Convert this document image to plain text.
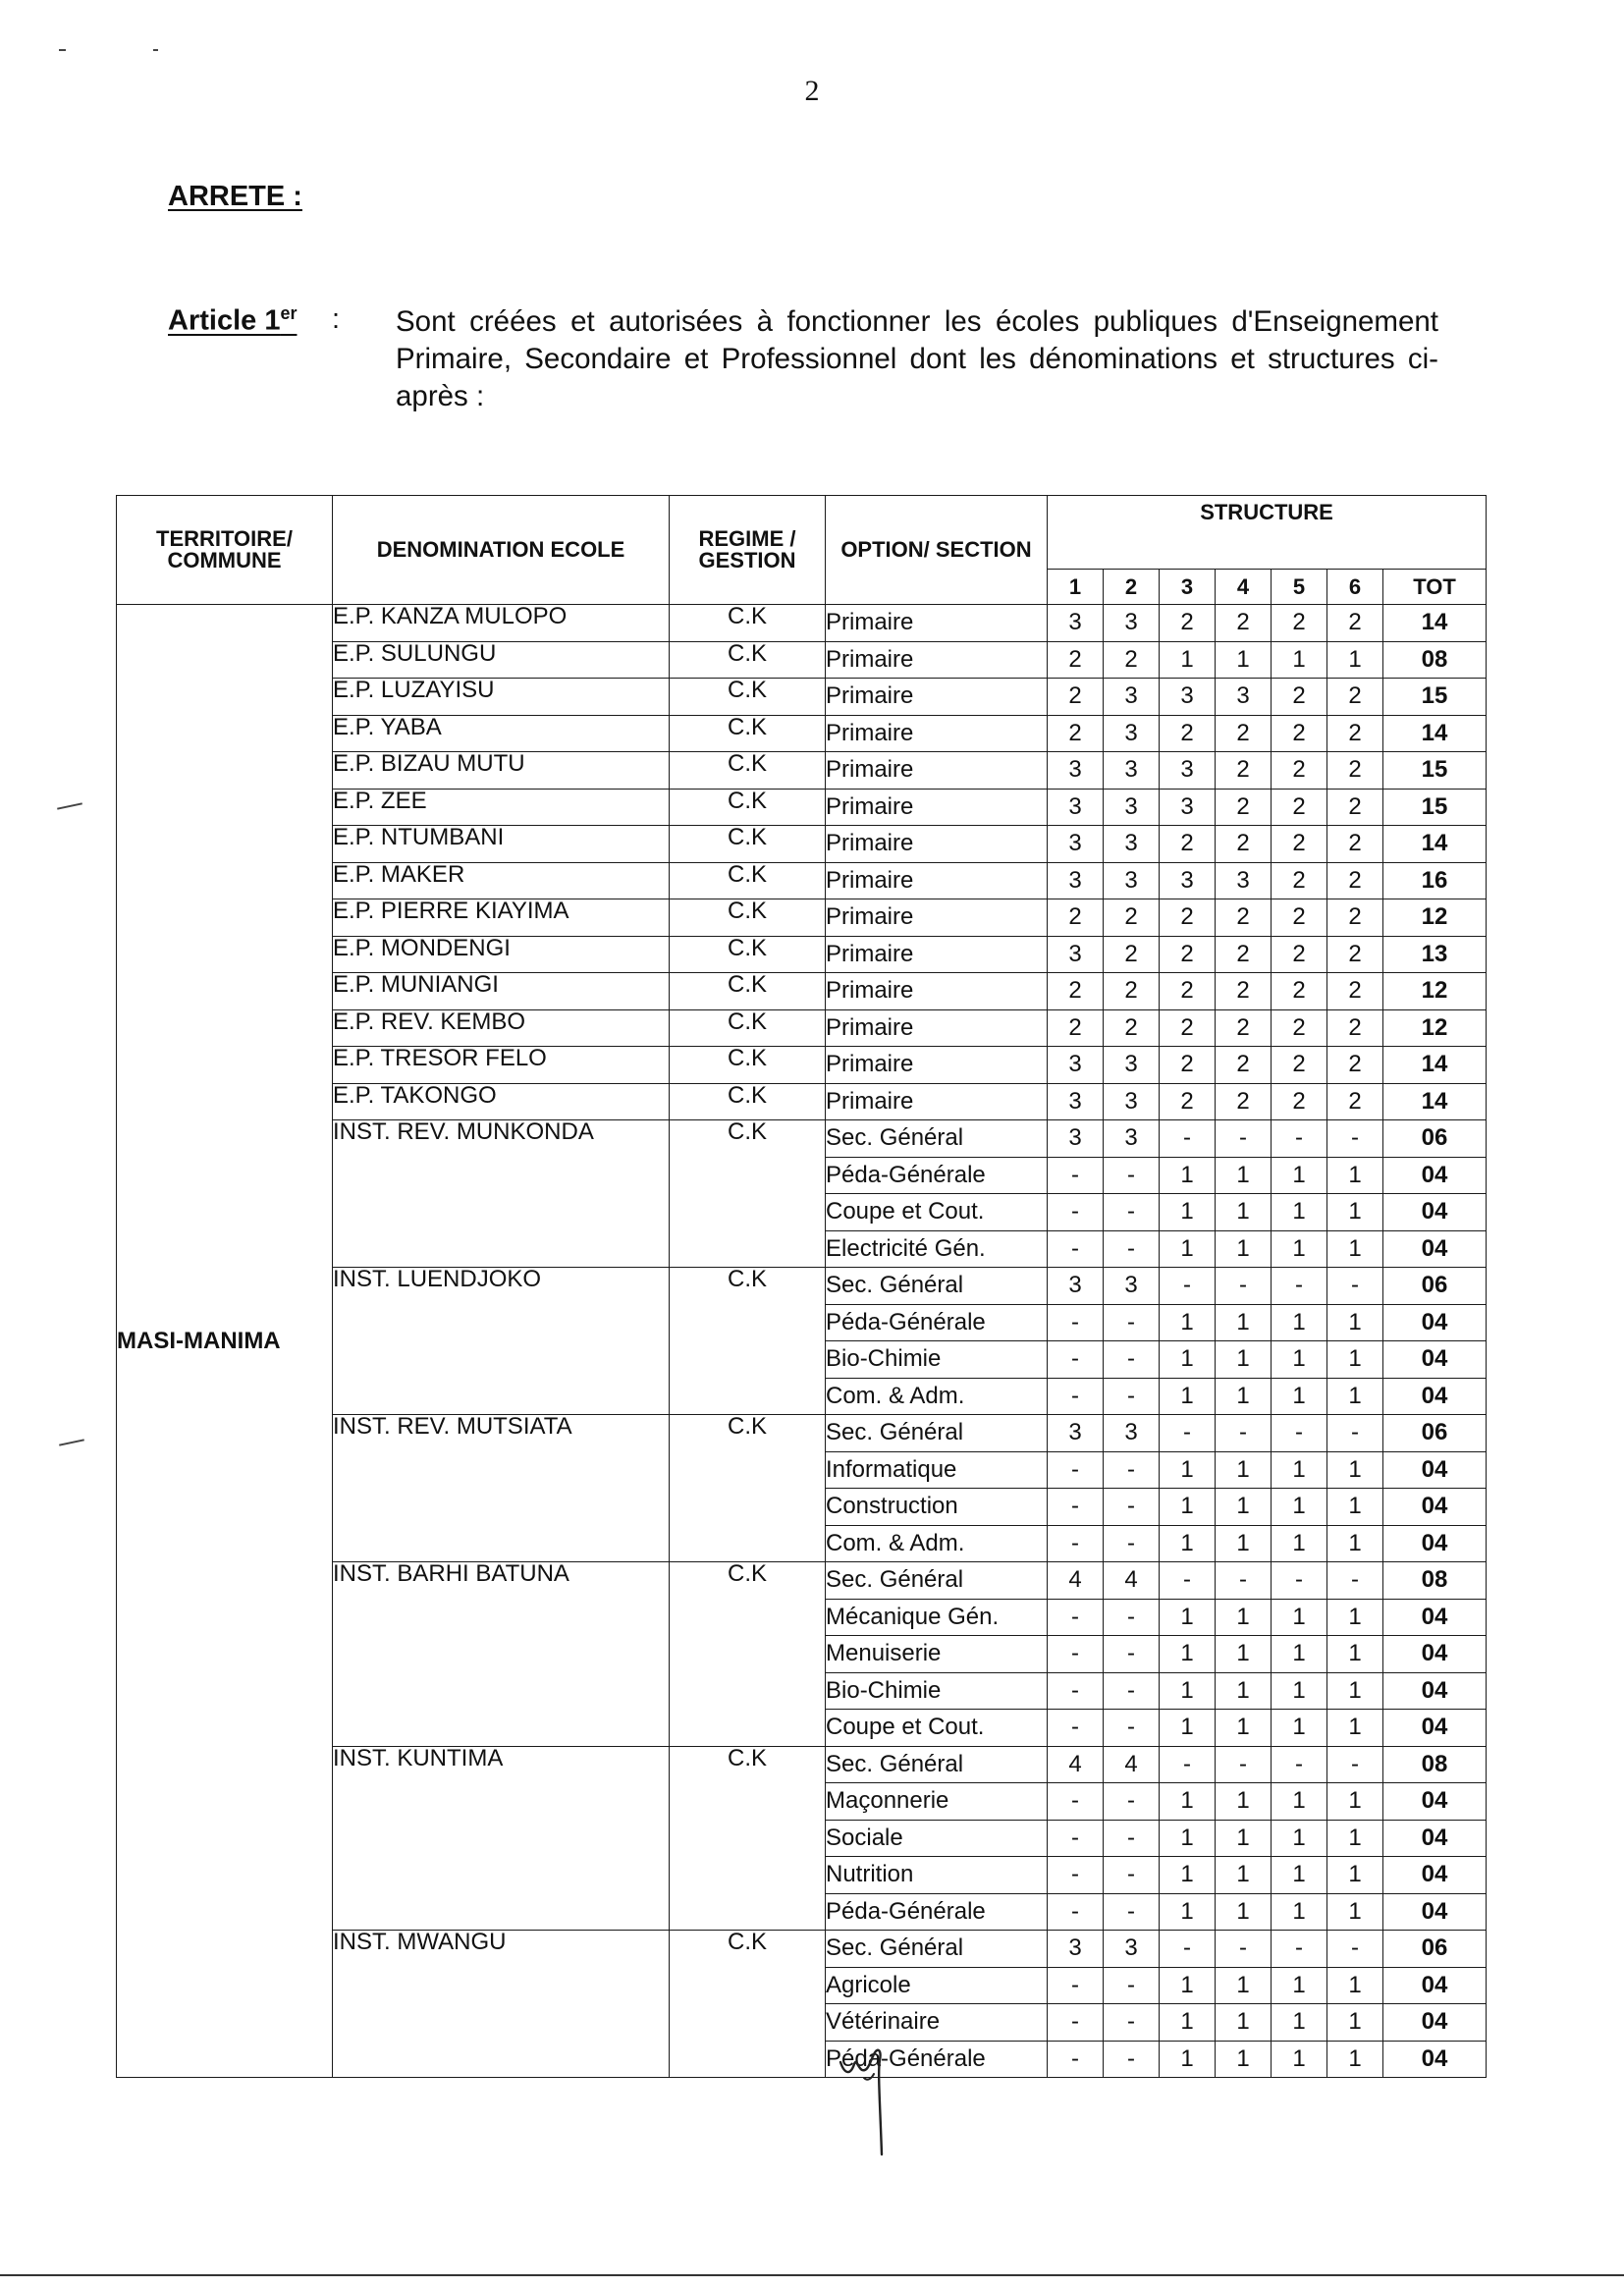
2
ARRETE :
Article 1er : Sont créées et autorisées à fonctionner les écoles publiques d'Enseignement Primaire, Secondaire et Professionnel dont les dénominations et structures ci-après :
TERRITOIRE/ COMMUNE	DENOMINATION ECOLE	REGIME / GESTION	OPTION/ SECTION	STRUCTURE						
				1	2	3	4	5	6	TOT
MASI-MANIMA	E.P. KANZA MULOPO	C.K	Primaire	3	3	2	2	2	2	14
	E.P. SULUNGU	C.K	Primaire	2	2	1	1	1	1	08
	E.P. LUZAYISU	C.K	Primaire	2	3	3	3	2	2	15
	E.P. YABA	C.K	Primaire	2	3	2	2	2	2	14
	E.P. BIZAU MUTU	C.K	Primaire	3	3	3	2	2	2	15
	E.P. ZEE	C.K	Primaire	3	3	3	2	2	2	15
	E.P. NTUMBANI	C.K	Primaire	3	3	2	2	2	2	14
	E.P. MAKER	C.K	Primaire	3	3	3	3	2	2	16
	E.P. PIERRE KIAYIMA	C.K	Primaire	2	2	2	2	2	2	12
	E.P. MONDENGI	C.K	Primaire	3	2	2	2	2	2	13
	E.P. MUNIANGI	C.K	Primaire	2	2	2	2	2	2	12
	E.P. REV. KEMBO	C.K	Primaire	2	2	2	2	2	2	12
	E.P. TRESOR FELO	C.K	Primaire	3	3	2	2	2	2	14
	E.P. TAKONGO	C.K	Primaire	3	3	2	2	2	2	14
	INST. REV. MUNKONDA	C.K	Sec. Général	3	3	-	-	-	-	06
			Péda-Générale	-	-	1	1	1	1	04
			Coupe et Cout.	-	-	1	1	1	1	04
			Electricité Gén.	-	-	1	1	1	1	04
	INST. LUENDJOKO	C.K	Sec. Général	3	3	-	-	-	-	06
			Péda-Générale	-	-	1	1	1	1	04
			Bio-Chimie	-	-	1	1	1	1	04
			Com. & Adm.	-	-	1	1	1	1	04
	INST. REV. MUTSIATA	C.K	Sec. Général	3	3	-	-	-	-	06
			Informatique	-	-	1	1	1	1	04
			Construction	-	-	1	1	1	1	04
			Com. & Adm.	-	-	1	1	1	1	04
	INST. BARHI BATUNA	C.K	Sec. Général	4	4	-	-	-	-	08
			Mécanique Gén.	-	-	1	1	1	1	04
			Menuiserie	-	-	1	1	1	1	04
			Bio-Chimie	-	-	1	1	1	1	04
			Coupe et Cout.	-	-	1	1	1	1	04
	INST. KUNTIMA	C.K	Sec. Général	4	4	-	-	-	-	08
			Maçonnerie	-	-	1	1	1	1	04
			Sociale	-	-	1	1	1	1	04
			Nutrition	-	-	1	1	1	1	04
			Péda-Générale	-	-	1	1	1	1	04
	INST. MWANGU	C.K	Sec. Général	3	3	-	-	-	-	06
			Agricole	-	-	1	1	1	1	04
			Vétérinaire	-	-	1	1	1	1	04
			Péda-Générale	-	-	1	1	1	1	04
